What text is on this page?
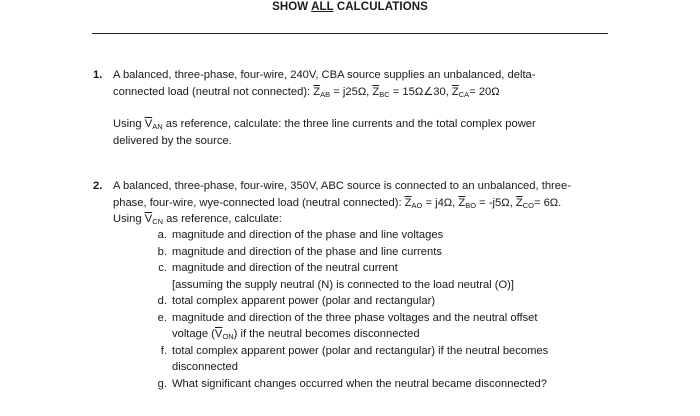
SHOW ALL CALCULATIONS
1. A balanced, three-phase, four-wire, 240V, CBA source supplies an unbalanced, delta-
connected load (neutral not connected): $\overline{Z}_{AB} = j25\Omega$, $\overline{Z}_{BC}$ = 15Ω∠30, $\overline{Z}_{CA}= 20\Omega$
Using $\overline{V}_{AN}$ as reference, calculate: the three line currents and the total complex power
delivered by the source.
2. A balanced, three-phase, four-wire, 350V, ABC source is connected to an unbalanced, three-
phase, four-wire, wye-connected load (neutral connected): $\overline{Z}_{AO} = j4\Omega$, $\overline{Z}_{BO} = -j5\Omega$, $\overline{Z}_{CO}= 6\Omega$.
Using $\overline{V}_{CN}$ as reference, calculate:
a. magnitude and direction of the phase and line voltages
b. magnitude and direction of the phase and line currents
c. magnitude and direction of the neutral current
[assuming the supply neutral (N) is connected to the load neutral (O)]
d. total complex apparent power (polar and rectangular)
e. magnitude and direction of the three phase voltages and the neutral offset
voltage $(\overline{V}_{ON})$ if the neutral becomes disconnected
f. total complex apparent power (polar and rectangular) if the neutral becomes
disconnected
g. What significant changes occurred when the neutral became disconnected?
